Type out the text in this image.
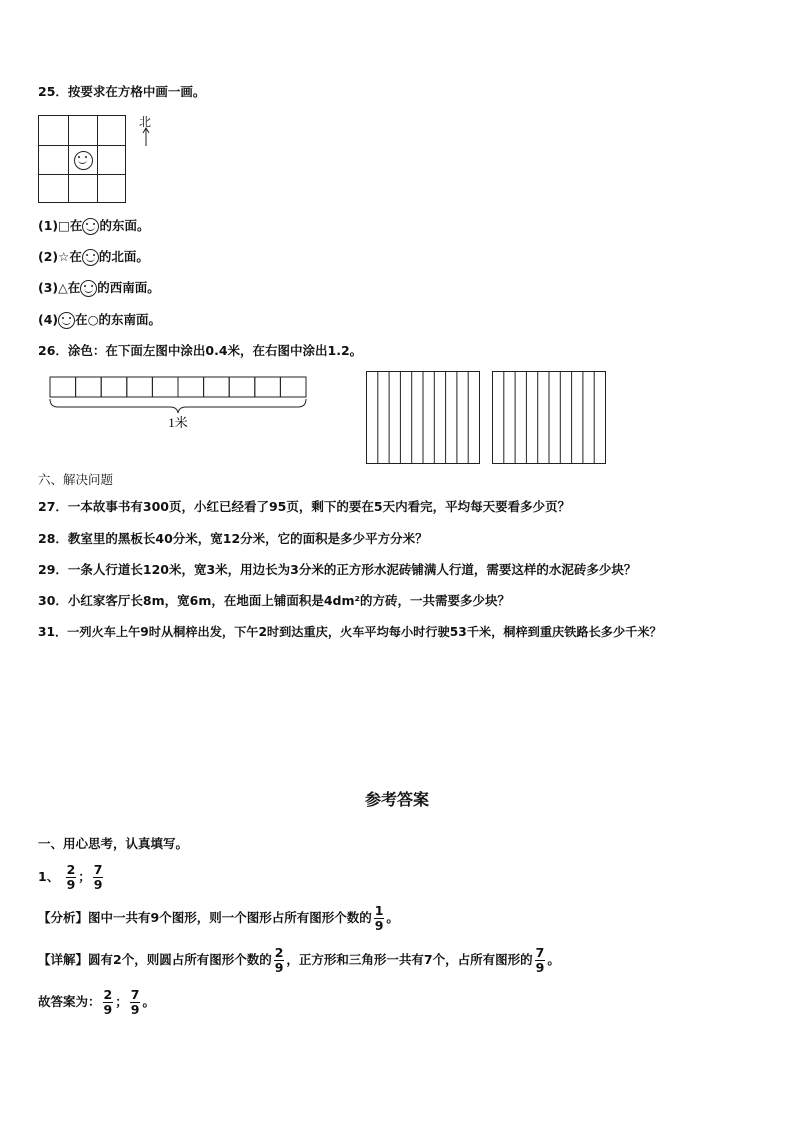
25．按要求在方格中画一画。
北
(1)□在 的东面。
(2)☆在 的北面。
(3)△在 的西南面。
(4) 在○的东南面。
26．涂色：在下面左图中涂出0.4米，在右图中涂出1.2。
1米
六、解决问题
27．一本故事书有300页，小红已经看了95页，剩下的要在5天内看完，平均每天要看多少页？
28．教室里的黑板长40分米，宽12分米，它的面积是多少平方分米？
29．一条人行道长120米，宽3米，用边长为3分米的正方形水泥砖铺满人行道，需要这样的水泥砖多少块？
30．小红家客厅长8m，宽6m，在地面上铺面积是4dm²的方砖，一共需要多少块？
31．一列火车上午9时从桐梓出发，下午2时到达重庆，火车平均每小时行驶53千米，桐梓到重庆铁路长多少千米？
参考答案
一、用心思考，认真填写。
1、 $\frac{2}{9}$ ； $\frac{7}{9}$
【分析】图中一共有9个图形，则一个图形占所有图形个数的 $\frac{1}{9}$ 。
【详解】圆有2个，则圆占所有图形个数的 $\frac{2}{9}$ ，正方形和三角形一共有7个，占所有图形的 $\frac{7}{9}$ 。
故答案为： $\frac{2}{9}$ ； $\frac{7}{9}$ 。
